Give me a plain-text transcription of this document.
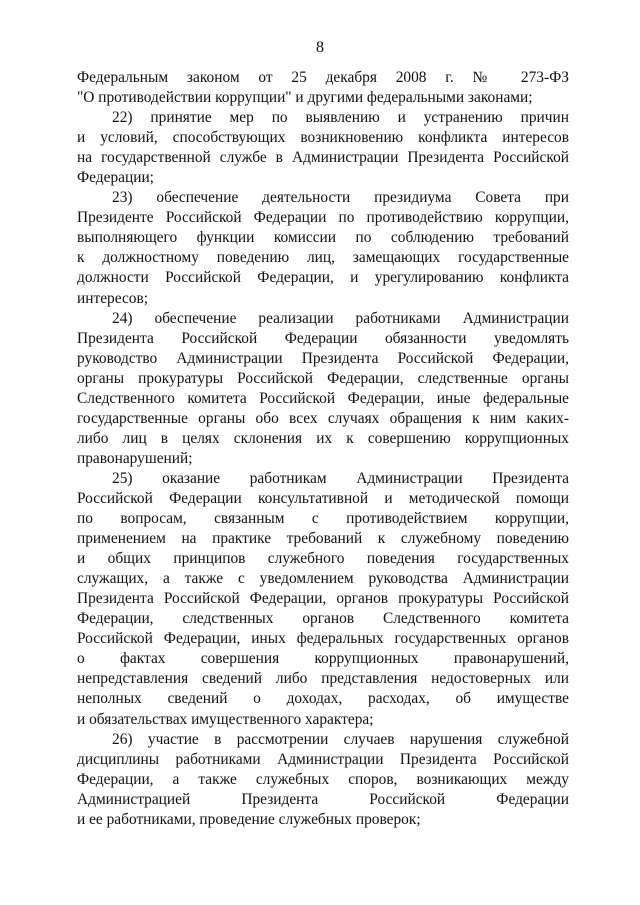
8
Федеральным законом от 25 декабря 2008 г. № 273-ФЗ
"О противодействии коррупции" и другими федеральными законами;
22) принятие мер по выявлению и устранению причин
и условий, способствующих возникновению конфликта интересов
на государственной службе в Администрации Президента Российской
Федерации;
23) обеспечение деятельности президиума Совета при
Президенте Российской Федерации по противодействию коррупции,
выполняющего функции комиссии по соблюдению требований
к должностному поведению лиц, замещающих государственные
должности Российской Федерации, и урегулированию конфликта
интересов;
24) обеспечение реализации работниками Администрации
Президента Российской Федерации обязанности уведомлять
руководство Администрации Президента Российской Федерации,
органы прокуратуры Российской Федерации, следственные органы
Следственного комитета Российской Федерации, иные федеральные
государственные органы обо всех случаях обращения к ним каких-
либо лиц в целях склонения их к совершению коррупционных
правонарушений;
25) оказание работникам Администрации Президента
Российской Федерации консультативной и методической помощи
по вопросам, связанным с противодействием коррупции,
применением на практике требований к служебному поведению
и общих принципов служебного поведения государственных
служащих, а также с уведомлением руководства Администрации
Президента Российской Федерации, органов прокуратуры Российской
Федерации, следственных органов Следственного комитета
Российской Федерации, иных федеральных государственных органов
о фактах совершения коррупционных правонарушений,
непредставления сведений либо представления недостоверных или
неполных сведений о доходах, расходах, об имуществе
и обязательствах имущественного характера;
26) участие в рассмотрении случаев нарушения служебной
дисциплины работниками Администрации Президента Российской
Федерации, а также служебных споров, возникающих между
Администрацией Президента Российской Федерации
и ее работниками, проведение служебных проверок;
